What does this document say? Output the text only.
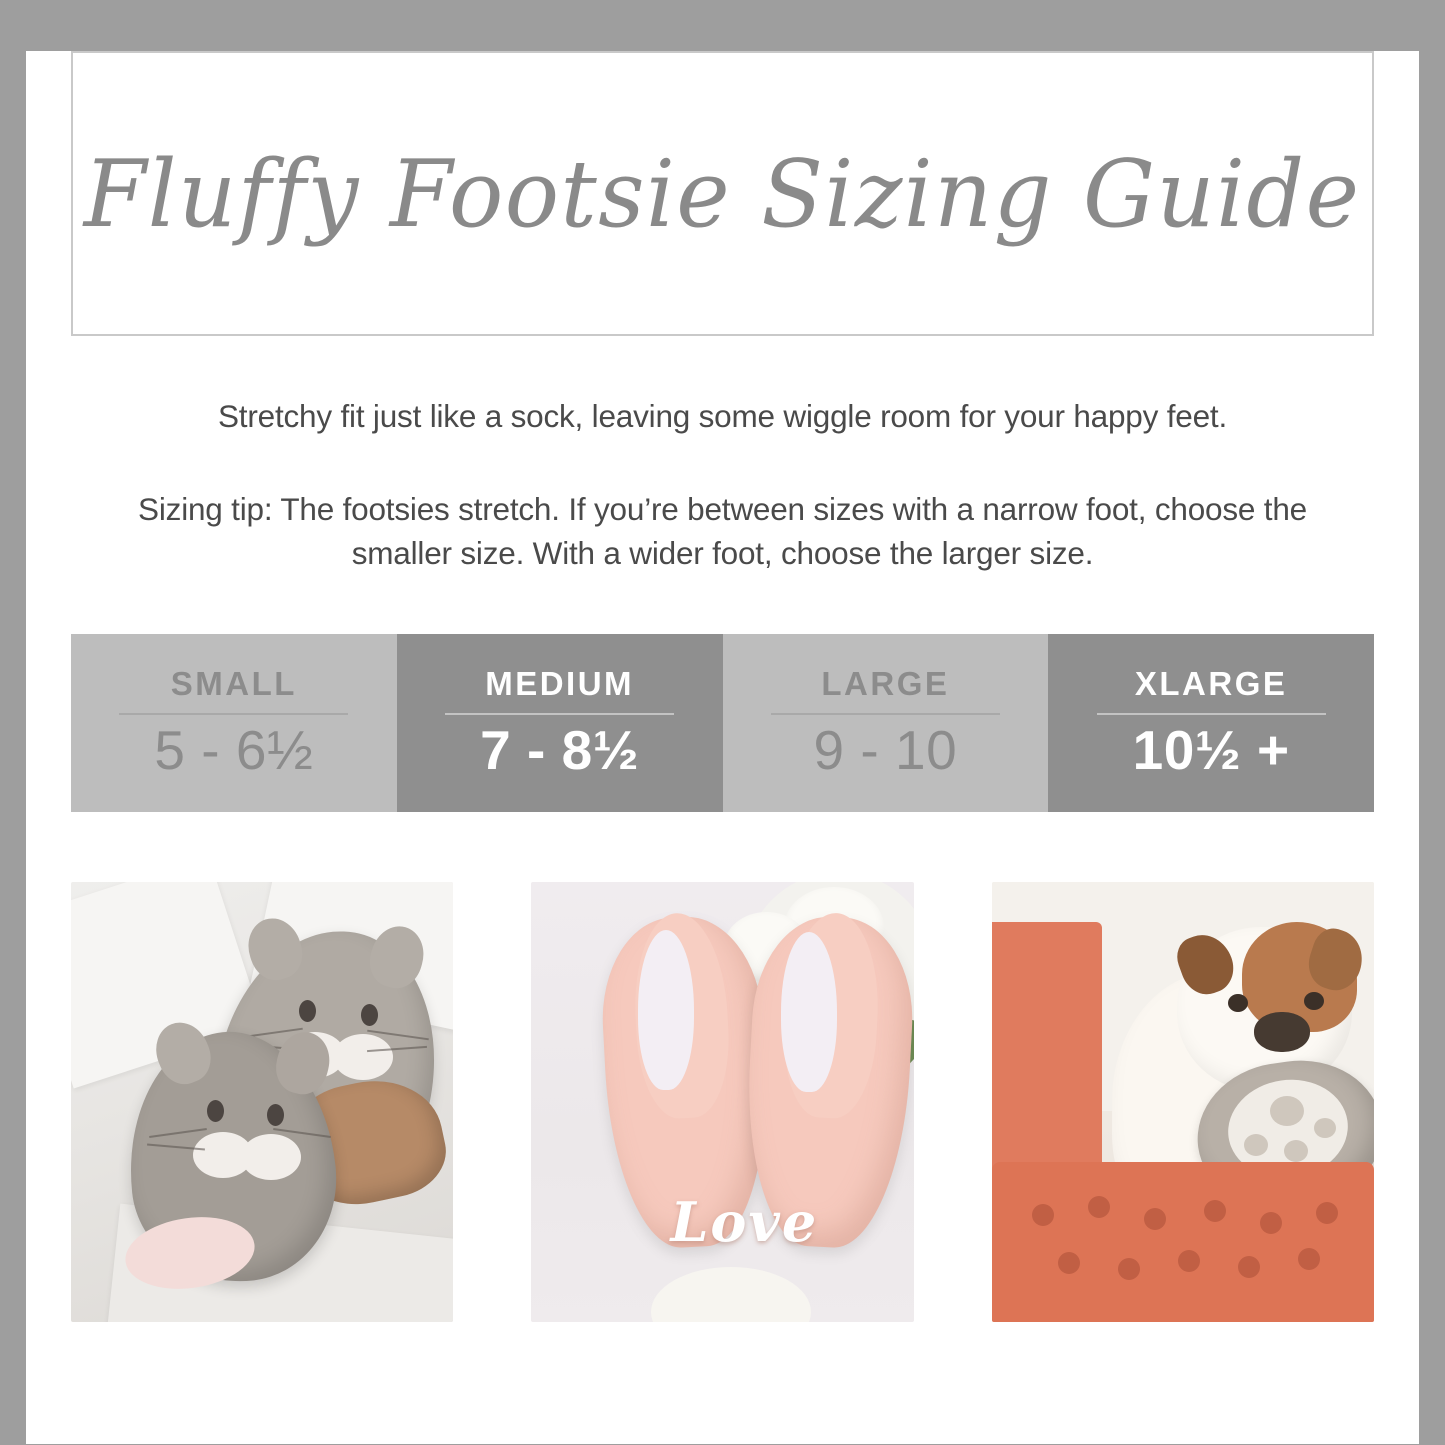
Fluffy Footsie Sizing Guide

Stretchy fit just like a sock, leaving some wiggle room for your happy feet.

Sizing tip: The footsies stretch. If you’re between sizes with a narrow foot, choose the smaller size. With a wider foot, choose the larger size.

SMALL
5 - 6½
MEDIUM
7 - 8½
LARGE
9 - 10
XLARGE
10½ +
Love
